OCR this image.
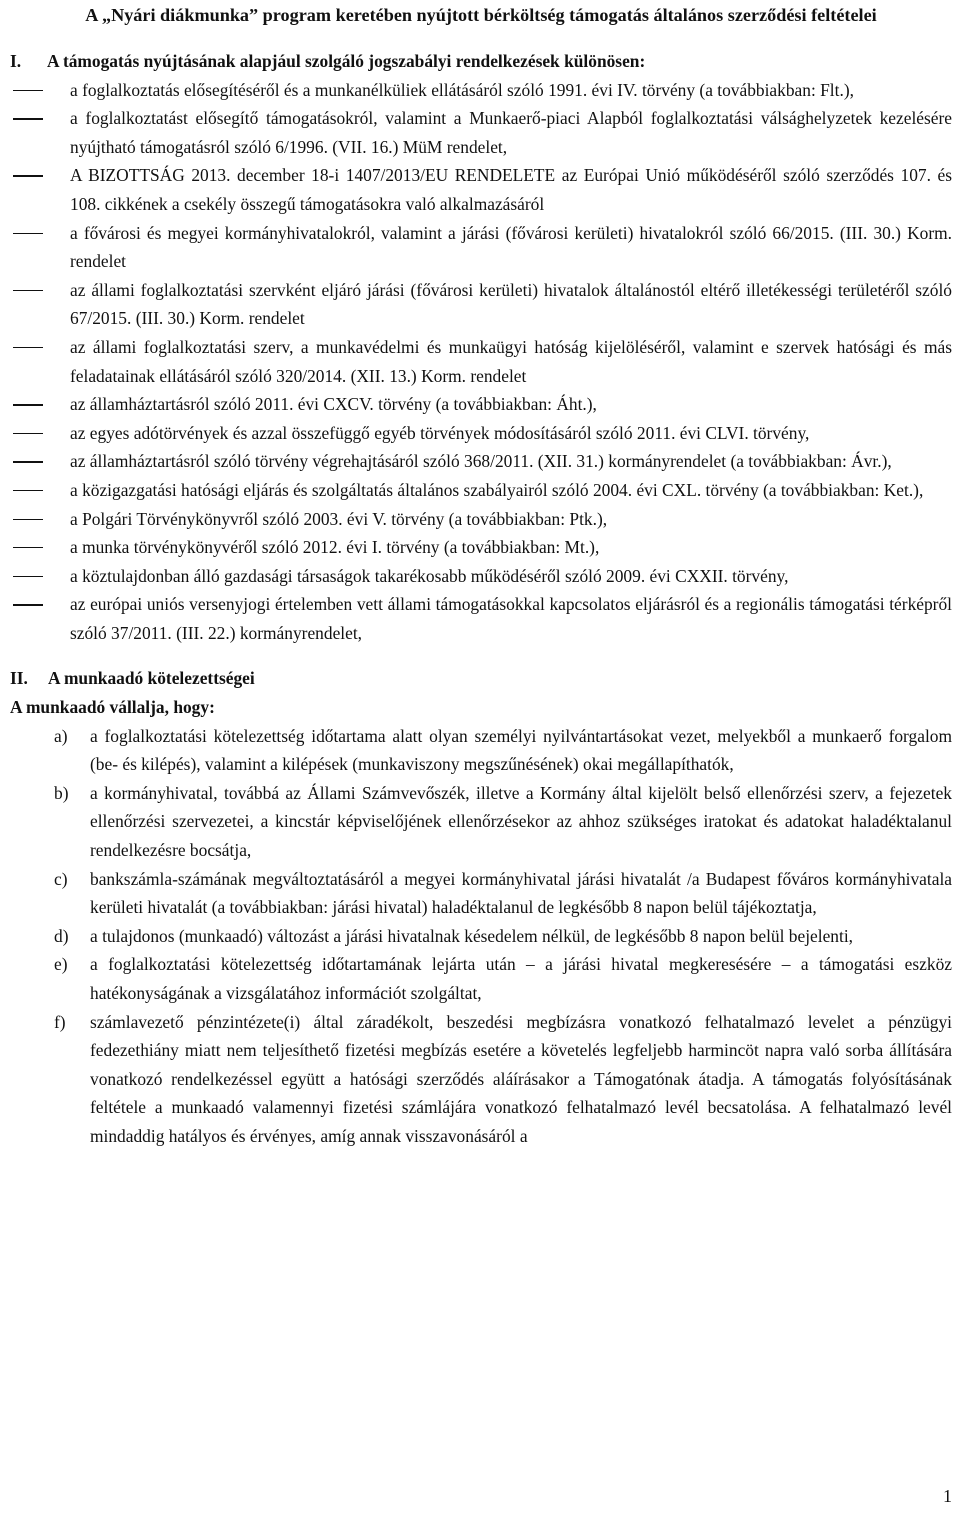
A „Nyári diákmunka” program keretében nyújtott bérköltség támogatás általános szerződési feltételei
I.	A támogatás nyújtásának alapjául szolgáló jogszabályi rendelkezések különösen:
a foglalkoztatás elősegítéséről és a munkanélküliek ellátásáról szóló 1991. évi IV. törvény (a továbbiakban: Flt.),
a foglalkoztatást elősegítő támogatásokról, valamint a Munkaerő-piaci Alapból foglalkoztatási válsághelyzetek kezelésére nyújtható támogatásról szóló 6/1996. (VII. 16.) MüM rendelet,
A BIZOTTSÁG 2013. december 18-i 1407/2013/EU RENDELETE az Európai Unió működéséről szóló szerződés 107. és 108. cikkének a csekély összegű támogatásokra való alkalmazásáról
a fővárosi és megyei kormányhivatalokról, valamint a járási (fővárosi kerületi) hivatalokról szóló 66/2015. (III. 30.) Korm. rendelet
az állami foglalkoztatási szervként eljáró járási (fővárosi kerületi) hivatalok általánostól eltérő illetékességi területéről szóló 67/2015. (III. 30.) Korm. rendelet
az állami foglalkoztatási szerv, a munkavédelmi és munkaügyi hatóság kijelöléséről, valamint e szervek hatósági és más feladatainak ellátásáról szóló 320/2014. (XII. 13.) Korm. rendelet
az államháztartásról szóló 2011. évi CXCV. törvény (a továbbiakban: Áht.),
az egyes adótörvények és azzal összefüggő egyéb törvények módosításáról szóló 2011. évi CLVI. törvény,
az államháztartásról szóló törvény végrehajtásáról szóló 368/2011. (XII. 31.) kormányrendelet (a továbbiakban: Ávr.),
a közigazgatási hatósági eljárás és szolgáltatás általános szabályairól szóló 2004. évi CXL. törvény (a továbbiakban: Ket.),
a Polgári Törvénykönyvről szóló 2003. évi V. törvény (a továbbiakban: Ptk.),
a munka törvénykönyvéről szóló 2012. évi I. törvény (a továbbiakban: Mt.),
a köztulajdonban álló gazdasági társaságok takarékosabb működéséről szóló 2009. évi CXXII. törvény,
az európai uniós versenyjogi értelemben vett állami támogatásokkal kapcsolatos eljárásról és a regionális támogatási térképről szóló 37/2011. (III. 22.) kormányrendelet,
II.	A munkaadó kötelezettségei
A munkaadó vállalja, hogy:
a)	a foglalkoztatási kötelezettség időtartama alatt olyan személyi nyilvántartásokat vezet, melyekből a munkaerő forgalom (be- és kilépés), valamint a kilépések (munkaviszony megszűnésének) okai megállapíthatók,
b)	a kormányhivatal, továbbá az Állami Számvevőszék, illetve a Kormány által kijelölt belső ellenőrzési szerv, a fejezetek ellenőrzési szervezetei, a kincstár képviselőjének ellenőrzésekor az ahhoz szükséges iratokat és adatokat haladéktalanul rendelkezésre bocsátja,
c)	bankszámla-számának megváltoztatásáról a megyei kormányhivatal járási hivatalát /a Budapest főváros kormányhivatala kerületi hivatalát (a továbbiakban: járási hivatal) haladéktalanul de legkésőbb 8 napon belül tájékoztatja,
d)	a tulajdonos (munkaadó) változást a járási hivatalnak késedelem nélkül, de legkésőbb 8 napon belül bejelenti,
e)	a foglalkoztatási kötelezettség időtartamának lejárta után – a járási hivatal megkeresésére – a támogatási eszköz hatékonyságának a vizsgálatához információt szolgáltat,
f)	számlavezető pénzintézete(i) által záradékolt, beszedési megbízásra vonatkozó felhatalmazó levelet a pénzügyi fedezethiány miatt nem teljesíthető fizetési megbízás esetére a követelés legfeljebb harmincöt napra való sorba állítására vonatkozó rendelkezéssel együtt a hatósági szerződés aláírásakor a Támogatónak átadja. A támogatás folyósításának feltétele a munkaadó valamennyi fizetési számlájára vonatkozó felhatalmazó levél becsatolása. A felhatalmazó levél mindaddig hatályos és érvényes, amíg annak visszavonásáról a
1
